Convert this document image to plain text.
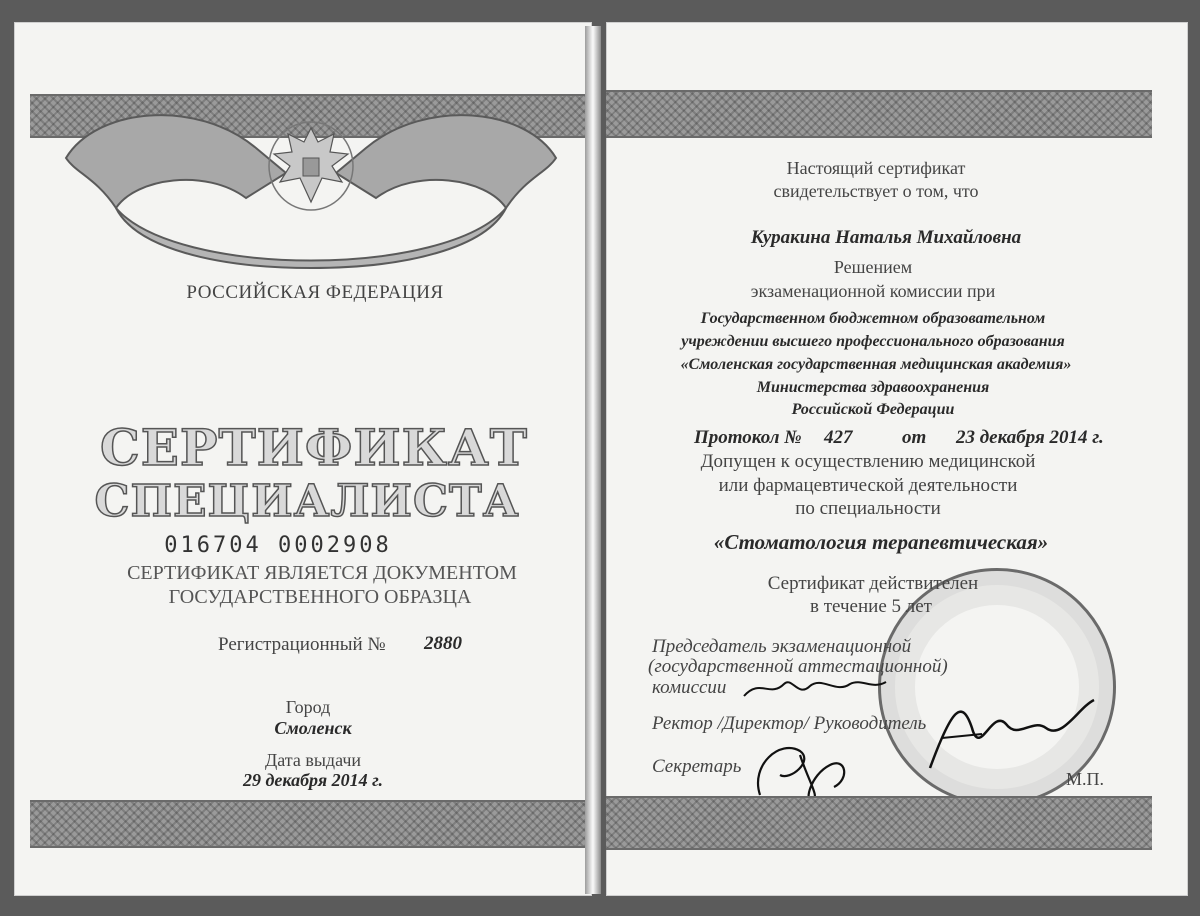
РОССИЙСКАЯ ФЕДЕРАЦИЯ
СЕРТИФИКАТ
СПЕЦИАЛИСТА
016704 0002908
СЕРТИФИКАТ ЯВЛЯЕТСЯ ДОКУМЕНТОМ
ГОСУДАРСТВЕННОГО ОБРАЗЦА
Регистрационный № 2880
Город
Смоленск
Дата выдачи
29 декабря 2014 г.
Настоящий сертификат
свидетельствует о том, что
Куракина Наталья Михайловна
Решением
экзаменационной комиссии при
Государственном бюджетном образовательном
учреждении высшего профессионального образования
«Смоленская государственная медицинская академия»
Министерства здравоохранения
Российской Федерации
Протокол № 427	от 23 декабря 2014 г.
Допущен к осуществлению медицинской
или фармацевтической деятельности
по специальности
«Стоматология терапевтическая»
Сертификат действителен
в течение 5 лет
Председатель экзаменационной
(государственной аттестационной)
комиссии
Ректор /Директор/ Руководитель
Секретарь
М.П.
